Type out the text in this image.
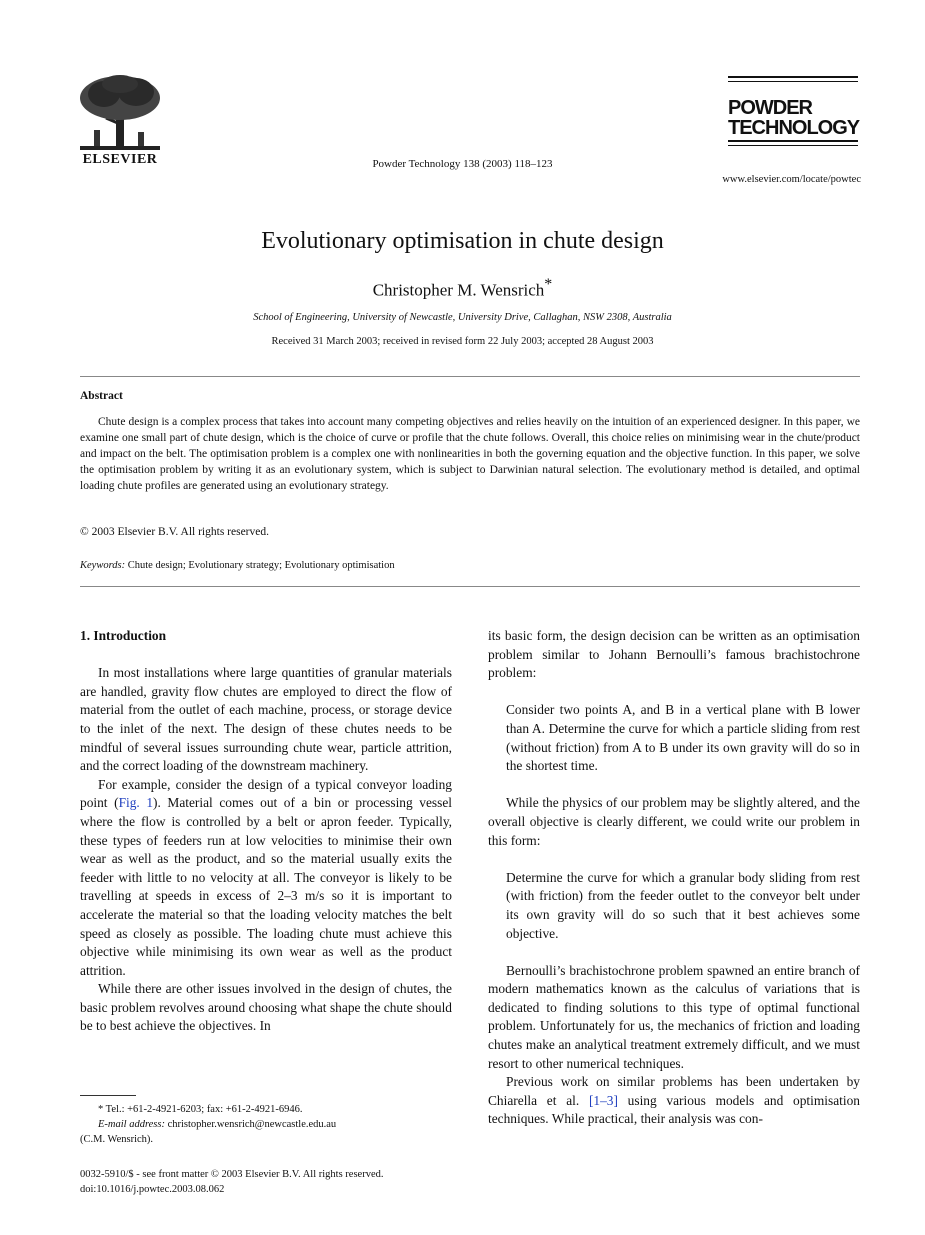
ELSEVIER	Powder Technology 138 (2003) 118–123
POWDER
TECHNOLOGY
www.elsevier.com/locate/powtec
Evolutionary optimisation in chute design
Christopher M. Wensrich*
School of Engineering, University of Newcastle, University Drive, Callaghan, NSW 2308, Australia
Received 31 March 2003; received in revised form 22 July 2003; accepted 28 August 2003
Abstract

Chute design is a complex process that takes into account many competing objectives and relies heavily on the intuition of an experienced designer. In this paper, we examine one small part of chute design, which is the choice of curve or profile that the chute follows. Overall, this choice relies on minimising wear in the chute/product and impact on the belt. The optimisation problem is a complex one with nonlinearities in both the governing equation and the objective function. In this paper, we solve the optimisation problem by writing it as an evolutionary system, which is subject to Darwinian natural selection. The evolutionary method is detailed, and optimal loading chute profiles are generated using an evolutionary strategy.

© 2003 Elsevier B.V. All rights reserved.
Keywords: Chute design; Evolutionary strategy; Evolutionary optimisation
1. Introduction

In most installations where large quantities of granular materials are handled, gravity flow chutes are employed to direct the flow of material from the outlet of each machine, process, or storage device to the inlet of the next. The design of these chutes needs to be mindful of several issues surrounding chute wear, particle attrition, and the correct loading of the downstream machinery.

For example, consider the design of a typical conveyor loading point (Fig. 1). Material comes out of a bin or processing vessel where the flow is controlled by a belt or apron feeder. Typically, these types of feeders run at low velocities to minimise their own wear as well as the product, and so the material usually exits the feeder with little to no velocity at all. The conveyor is likely to be travelling at speeds in excess of 2–3 m/s so it is important to accelerate the material so that the loading velocity matches the belt speed as closely as possible. The loading chute must achieve this objective while minimising its own wear as well as the product attrition.

While there are other issues involved in the design of chutes, the basic problem revolves around choosing what shape the chute should be to best achieve the objectives. In

* Tel.: +61-2-4921-6203; fax: +61-2-4921-6946.
E-mail address: christopher.wensrich@newcastle.edu.au
(C.M. Wensrich).
0032-5910/$ - see front matter © 2003 Elsevier B.V. All rights reserved.
doi:10.1016/j.powtec.2003.08.062

its basic form, the design decision can be written as an optimisation problem similar to Johann Bernoulli’s famous brachistochrone problem:

Consider two points A, and B in a vertical plane with B lower than A. Determine the curve for which a particle sliding from rest (without friction) from A to B under its own gravity will do so in the shortest time.

While the physics of our problem may be slightly altered, and the overall objective is clearly different, we could write our problem in this form:

Determine the curve for which a granular body sliding from rest (with friction) from the feeder outlet to the conveyor belt under its own gravity will do so such that it best achieves some objective.

Bernoulli’s brachistochrone problem spawned an entire branch of modern mathematics known as the calculus of variations that is dedicated to finding solutions to this type of optimal functional problem. Unfortunately for us, the mechanics of friction and loading chutes make an analytical treatment extremely difficult, and we must resort to other numerical techniques.

Previous work on similar problems has been undertaken by Chiarella et al. [1–3] using various models and optimisation techniques. While practical, their analysis was con-
